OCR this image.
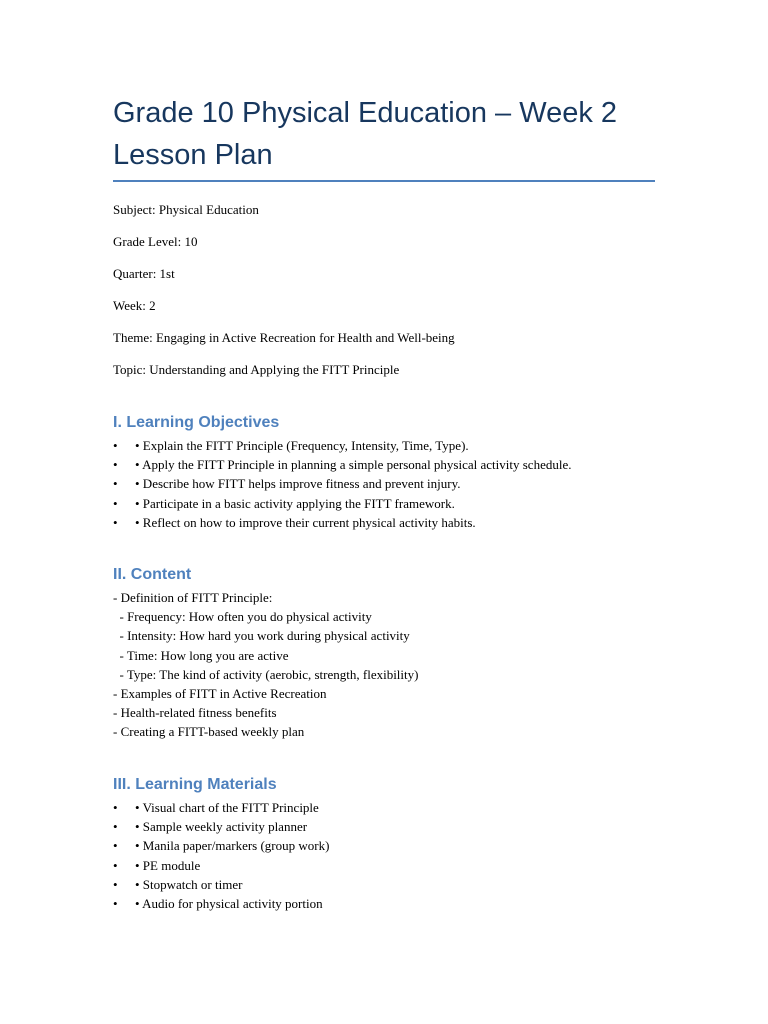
Grade 10 Physical Education – Week 2 Lesson Plan
Subject: Physical Education
Grade Level: 10
Quarter: 1st
Week: 2
Theme: Engaging in Active Recreation for Health and Well-being
Topic: Understanding and Applying the FITT Principle
I. Learning Objectives
• • Explain the FITT Principle (Frequency, Intensity, Time, Type).
• • Apply the FITT Principle in planning a simple personal physical activity schedule.
• • Describe how FITT helps improve fitness and prevent injury.
• • Participate in a basic activity applying the FITT framework.
• • Reflect on how to improve their current physical activity habits.
II. Content
- Definition of FITT Principle:
- Frequency: How often you do physical activity
- Intensity: How hard you work during physical activity
- Time: How long you are active
- Type: The kind of activity (aerobic, strength, flexibility)
- Examples of FITT in Active Recreation
- Health-related fitness benefits
- Creating a FITT-based weekly plan
III. Learning Materials
• • Visual chart of the FITT Principle
• • Sample weekly activity planner
• • Manila paper/markers (group work)
• • PE module
• • Stopwatch or timer
• • Audio for physical activity portion
